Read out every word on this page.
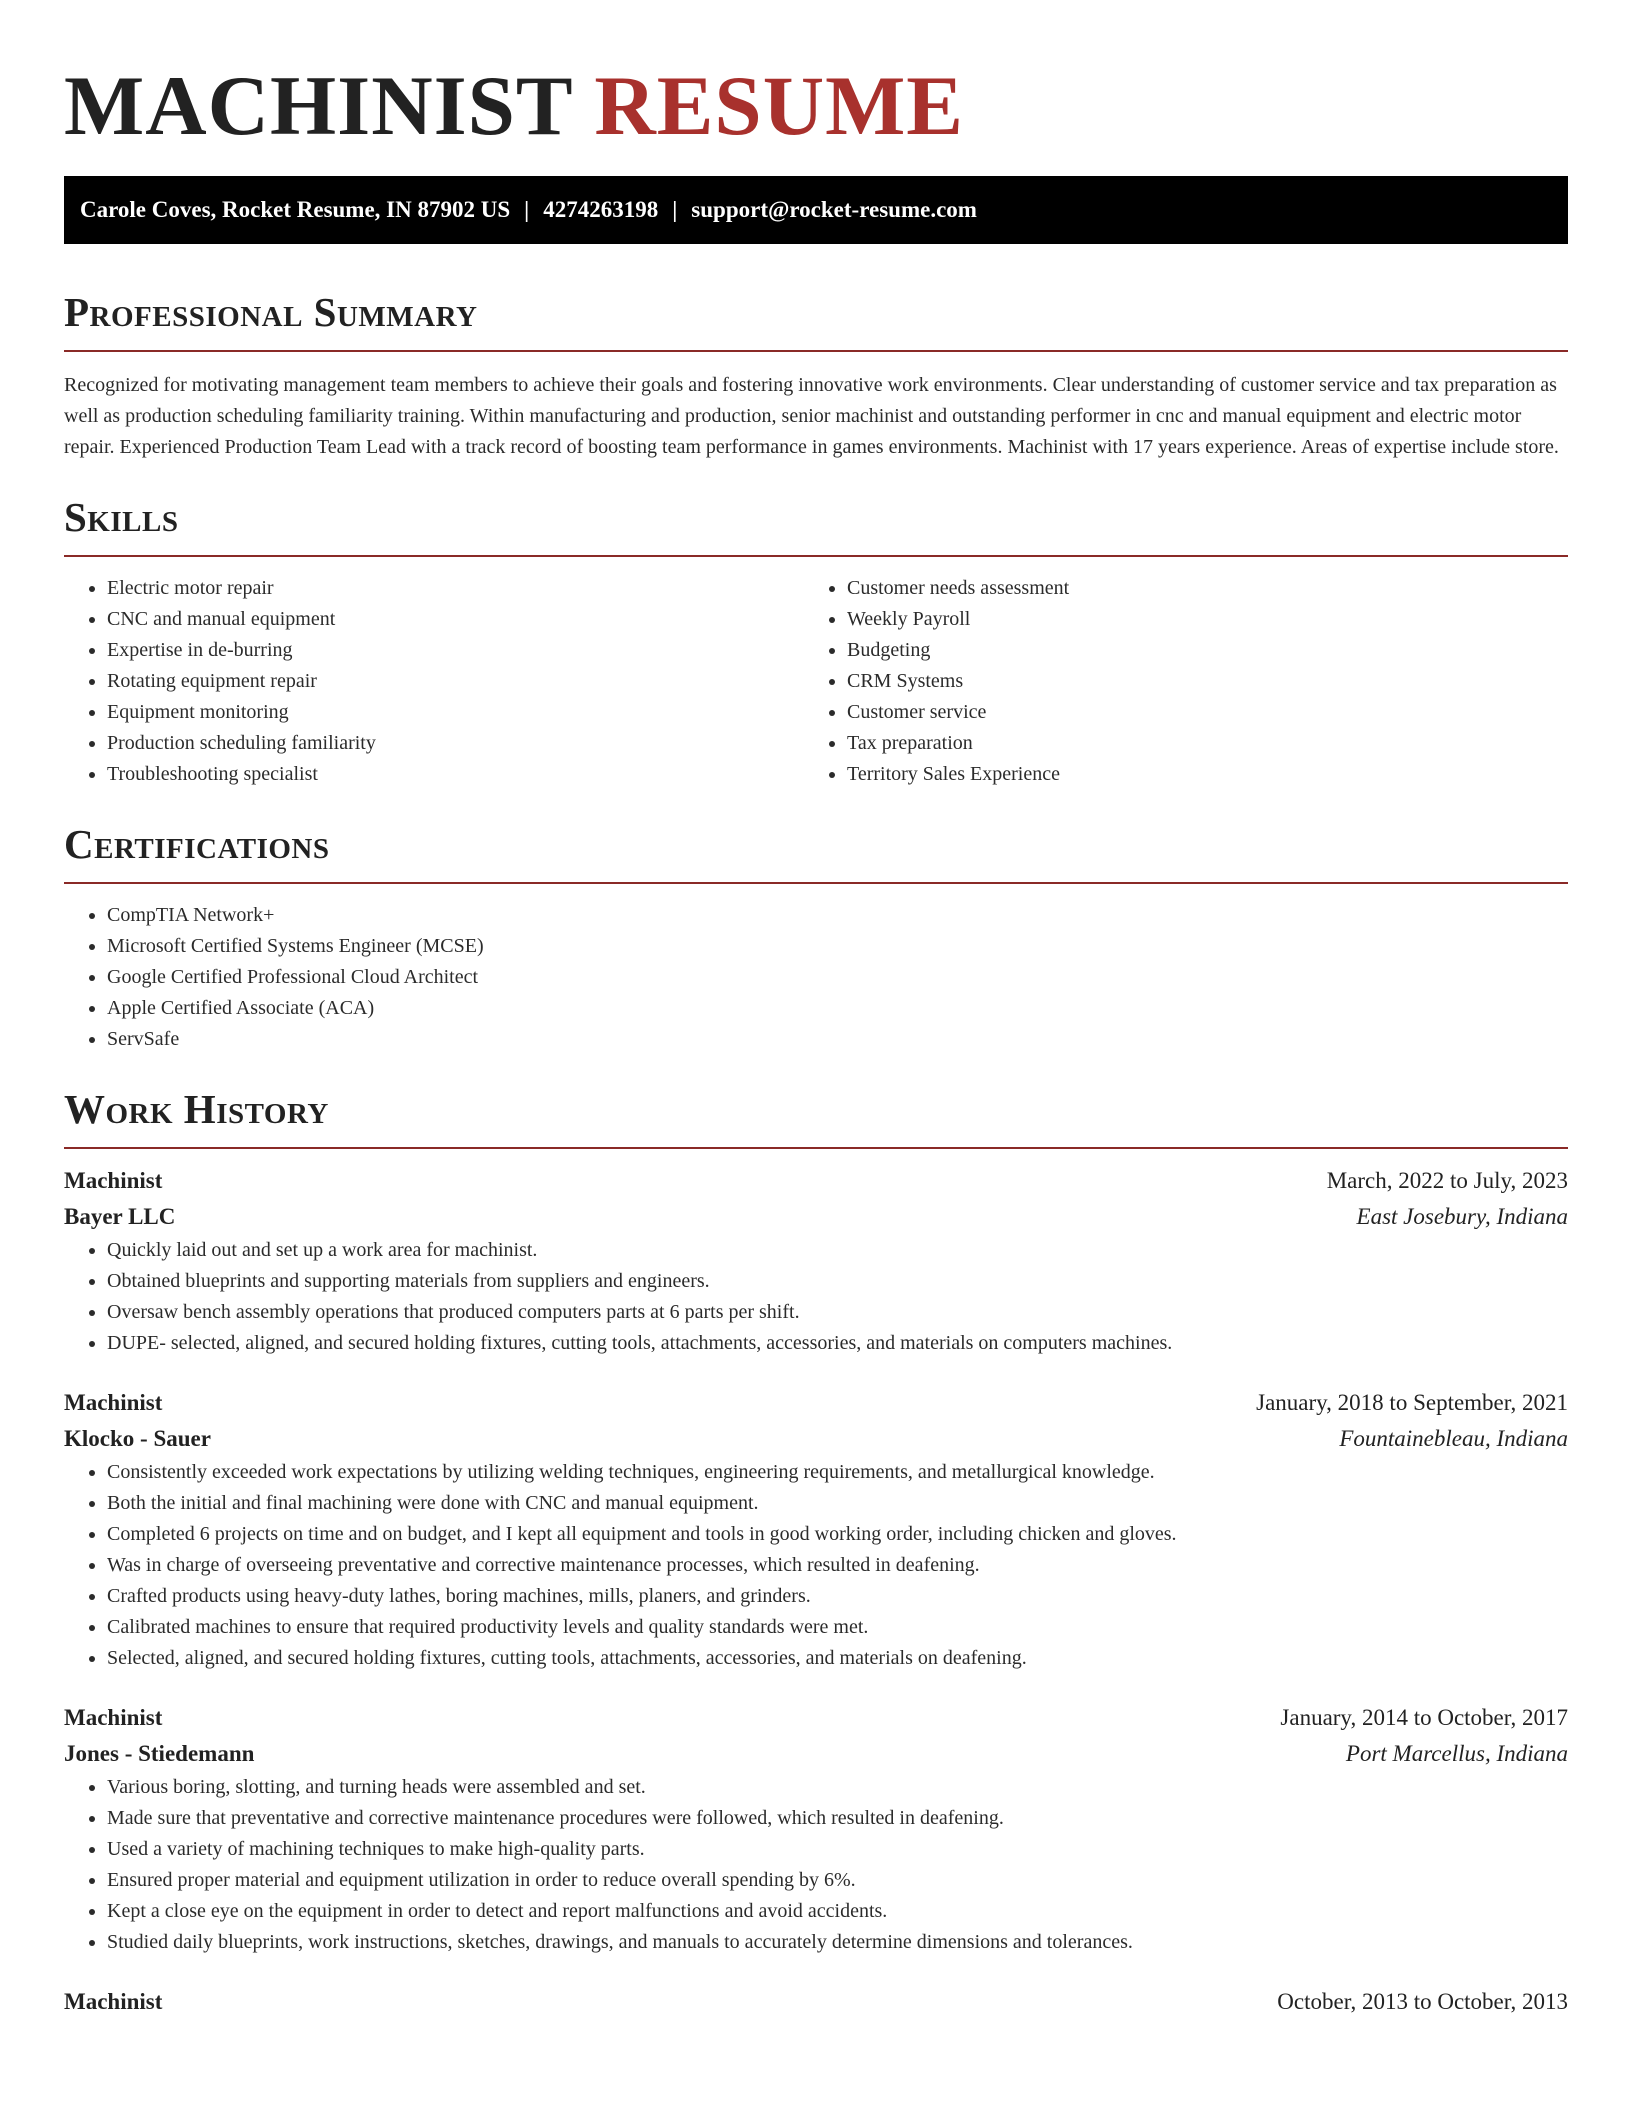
MACHINIST RESUME
Carole Coves, Rocket Resume, IN 87902 US | 4274263198 | support@rocket-resume.com
Professional Summary

Recognized for motivating management team members to achieve their goals and fostering innovative work environments. Clear understanding of customer service and tax preparation as well as production scheduling familiarity training. Within manufacturing and production, senior machinist and outstanding performer in cnc and manual equipment and electric motor repair. Experienced Production Team Lead with a track record of boosting team performance in games environments. Machinist with 17 years experience. Areas of expertise include store.

Skills
• Electric motor repair
• CNC and manual equipment
• Expertise in de-burring
• Rotating equipment repair
• Equipment monitoring
• Production scheduling familiarity
• Troubleshooting specialist
• Customer needs assessment
• Weekly Payroll
• Budgeting
• CRM Systems
• Customer service
• Tax preparation
• Territory Sales Experience
Certifications
• CompTIA Network+
• Microsoft Certified Systems Engineer (MCSE)
• Google Certified Professional Cloud Architect
• Apple Certified Associate (ACA)
• ServSafe
Work History
Machinist	March, 2022 to July, 2023
Bayer LLC	East Josebury, Indiana
• Quickly laid out and set up a work area for machinist.
• Obtained blueprints and supporting materials from suppliers and engineers.
• Oversaw bench assembly operations that produced computers parts at 6 parts per shift.
• DUPE- selected, aligned, and secured holding fixtures, cutting tools, attachments, accessories, and materials on computers machines.
Machinist	January, 2018 to September, 2021
Klocko - Sauer	Fountainebleau, Indiana
• Consistently exceeded work expectations by utilizing welding techniques, engineering requirements, and metallurgical knowledge.
• Both the initial and final machining were done with CNC and manual equipment.
• Completed 6 projects on time and on budget, and I kept all equipment and tools in good working order, including chicken and gloves.
• Was in charge of overseeing preventative and corrective maintenance processes, which resulted in deafening.
• Crafted products using heavy-duty lathes, boring machines, mills, planers, and grinders.
• Calibrated machines to ensure that required productivity levels and quality standards were met.
• Selected, aligned, and secured holding fixtures, cutting tools, attachments, accessories, and materials on deafening.
Machinist	January, 2014 to October, 2017
Jones - Stiedemann	Port Marcellus, Indiana
• Various boring, slotting, and turning heads were assembled and set.
• Made sure that preventative and corrective maintenance procedures were followed, which resulted in deafening.
• Used a variety of machining techniques to make high-quality parts.
• Ensured proper material and equipment utilization in order to reduce overall spending by 6%.
• Kept a close eye on the equipment in order to detect and report malfunctions and avoid accidents.
• Studied daily blueprints, work instructions, sketches, drawings, and manuals to accurately determine dimensions and tolerances.
Machinist	October, 2013 to October, 2013
